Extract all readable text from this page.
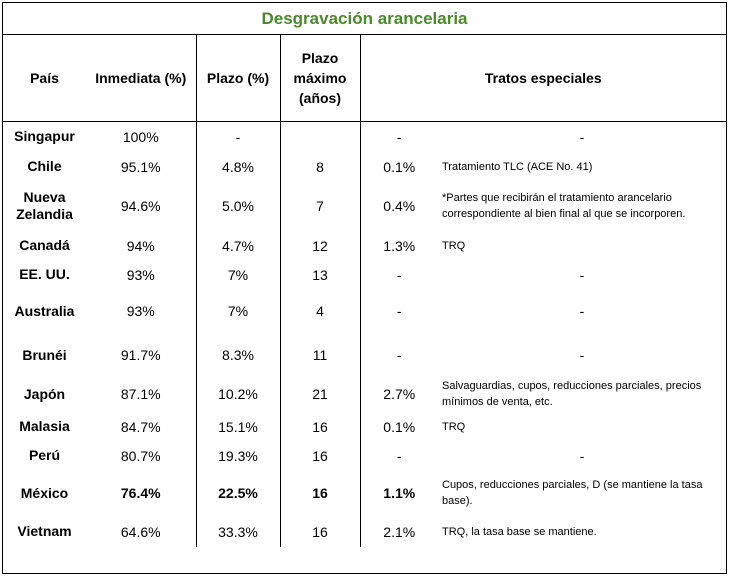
Desgravación arancelaria
País	Inmediata (%)	Plazo (%)	Plazo máximo (años)	Tratos especiales	
Singapur	100%	-		-	-
Chile	95.1%	4.8%	8	0.1%	Tratamiento TLC (ACE No. 41)
Nueva Zelandia	94.6%	5.0%	7	0.4%	*Partes que recibirán el tratamiento arancelario correspondiente al bien final al que se incorporen.
Canadá	94%	4.7%	12	1.3%	TRQ
EE. UU.	93%	7%	13	-	-
Australia	93%	7%	4	-	-
Brunéi	91.7%	8.3%	11	-	-
Japón	87.1%	10.2%	21	2.7%	Salvaguardias, cupos, reducciones parciales, precios mínimos de venta, etc.
Malasia	84.7%	15.1%	16	0.1%	TRQ
Perú	80.7%	19.3%	16	-	-
México	76.4%	22.5%	16	1.1%	Cupos, reducciones parciales, D (se mantiene la tasa base).
Vietnam	64.6%	33.3%	16	2.1%	TRQ, la tasa base se mantiene.
